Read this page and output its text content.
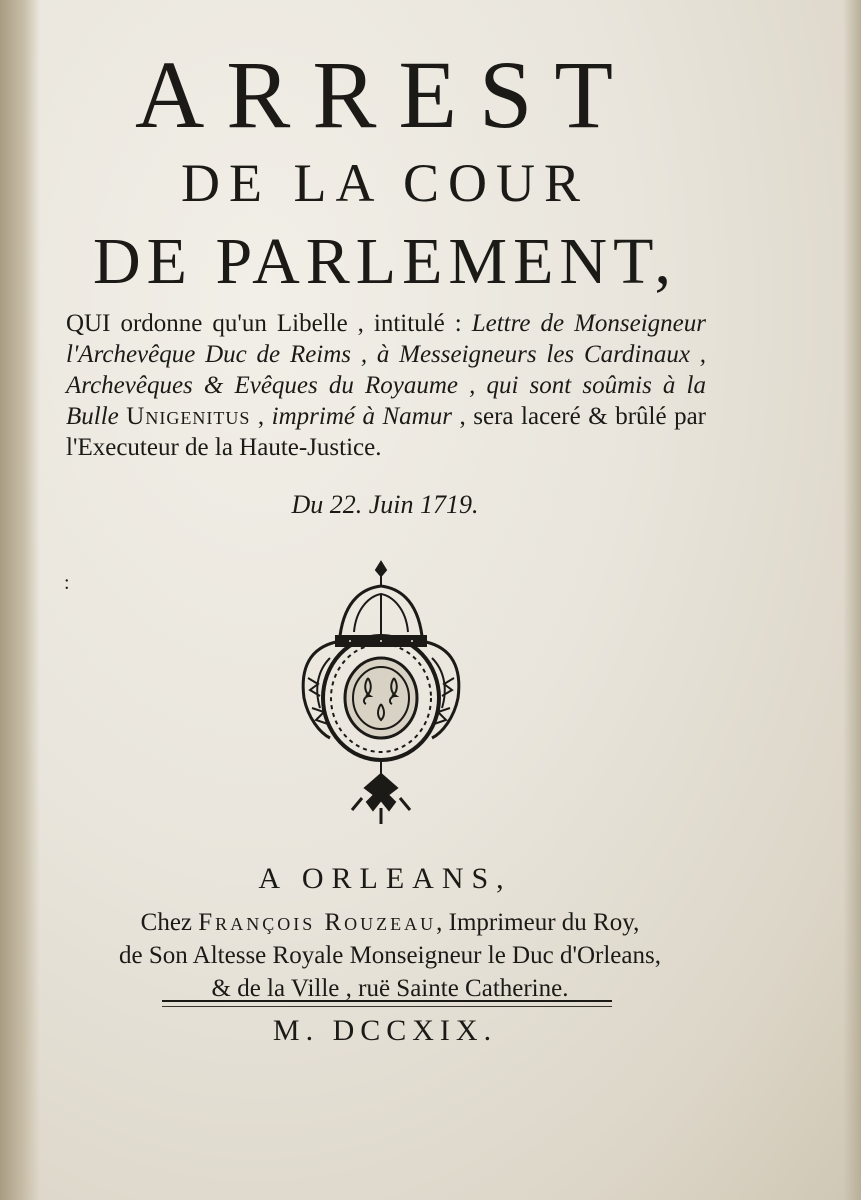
ARREST
DE LA COUR
DE PARLEMENT,
QUI ordonne qu'un Libelle , intitulé : Lettre de Monseigneur l'Archevêque Duc de Reims , à Messeigneurs les Cardinaux , Archevêques & Evêques du Royaume , qui sont soûmis à la Bulle Unigenitus , imprimé à Namur , sera laceré & brûlé par l'Executeur de la Haute-Justice.
Du 22. Juin 1719.
:
A ORLEANS,
Chez François Rouzeau, Imprimeur du Roy,
de Son Altesse Royale Monseigneur le Duc d'Orleans,
& de la Ville , ruë Sainte Catherine.
M. DCCXIX.
